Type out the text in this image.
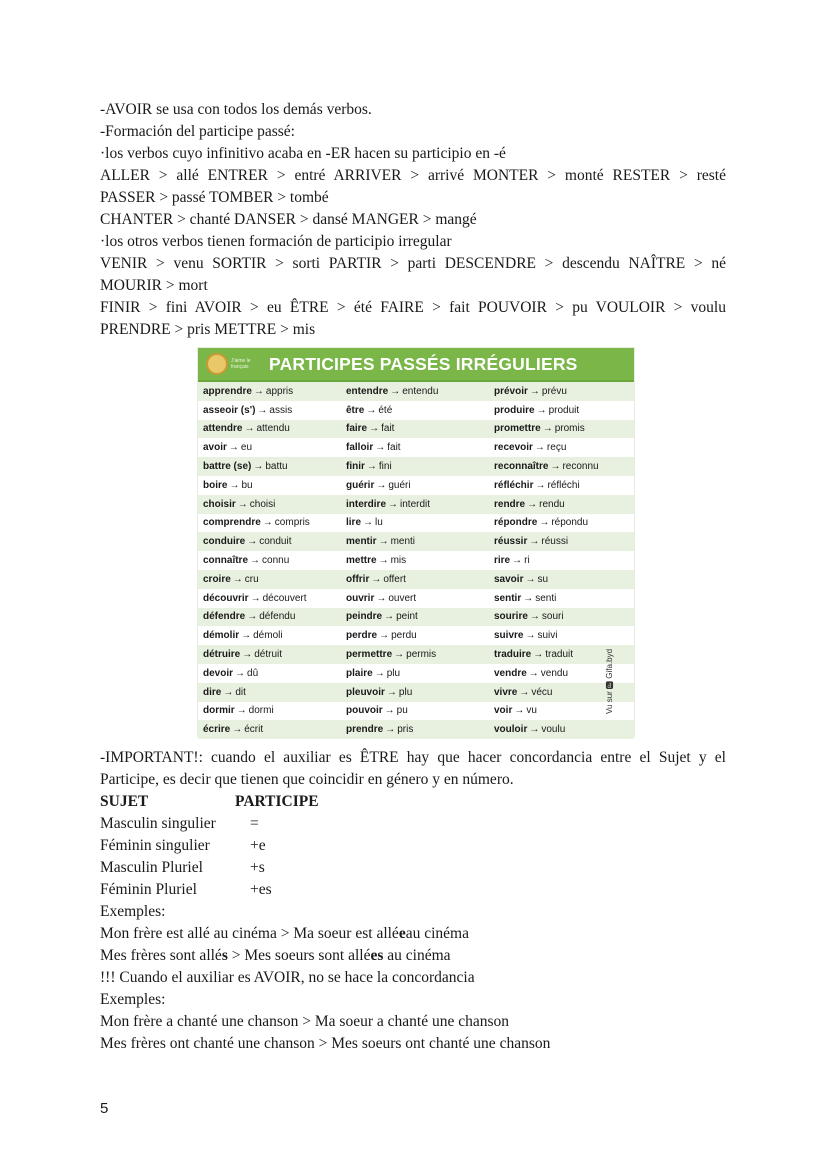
-AVOIR se usa con todos los demás verbos.

-Formación del participe passé:

·los verbos cuyo infinitivo acaba en -ER hacen su participio en -é

ALLER > allé ENTRER > entré ARRIVER > arrivé MONTER > monté RESTER > resté

PASSER > passé TOMBER > tombé

CHANTER > chanté DANSER > dansé MANGER > mangé

·los otros verbos tienen formación de participio irregular

VENIR > venu SORTIR > sorti PARTIR > parti DESCENDRE > descendu NAÎTRE > né

MOURIR > mort

FINIR > fini AVOIR > eu ÊTRE > été FAIRE > fait POUVOIR > pu VOULOIR > voulu

PRENDRE > pris METTRE > mis

J'aime le français	PARTICIPES PASSÉS IRRÉGULIERS
apprendre → appris	entendre → entendu	prévoir → prévu
asseoir (s') → assis	être → été	produire → produit
attendre → attendu	faire → fait	promettre → promis
avoir → eu	falloir → fait	recevoir → reçu
battre (se) → battu	finir → fini	reconnaître → reconnu
boire → bu	guérir → guéri	réfléchir → réfléchi
choisir → choisi	interdire → interdit	rendre → rendu
comprendre → compris	lire → lu	répondre → répondu
conduire → conduit	mentir → menti	réussir → réussi
connaître → connu	mettre → mis	rire → ri
croire → cru	offrir → offert	savoir → su
découvrir → découvert	ouvrir → ouvert	sentir → senti
défendre → défendu	peindre → peint	sourire → souri
démolir → démoli	perdre → perdu	suivre → suivi
détruire → détruit	permettre → permis	traduire → traduit
devoir → dû	plaire → plu	vendre → vendu
dire → dit	pleuvoir → plu	vivre → vécu
dormir → dormi	pouvoir → pu	voir → vu
écrire → écrit	prendre → pris	vouloir → voulu
Vu sur 🅵 Gifa.byd

-IMPORTANT!: cuando el auxiliar es ÊTRE hay que hacer concordancia entre el Sujet y el

Participe, es decir que tienen que coincidir en género y en número.

SUJET	PARTICIPE
Masculin singulier	=
Féminin singulier	+e
Masculin Pluriel	+s
Féminin Pluriel	+es

Exemples:

Mon frère est allé au cinéma > Ma soeur est alléeau cinéma

Mes frères sont allés > Mes soeurs sont allées au cinéma

!!! Cuando el auxiliar es AVOIR, no se hace la concordancia

Exemples:

Mon frère a chanté une chanson > Ma soeur a chanté une chanson

Mes frères ont chanté une chanson > Mes soeurs ont chanté une chanson

5
